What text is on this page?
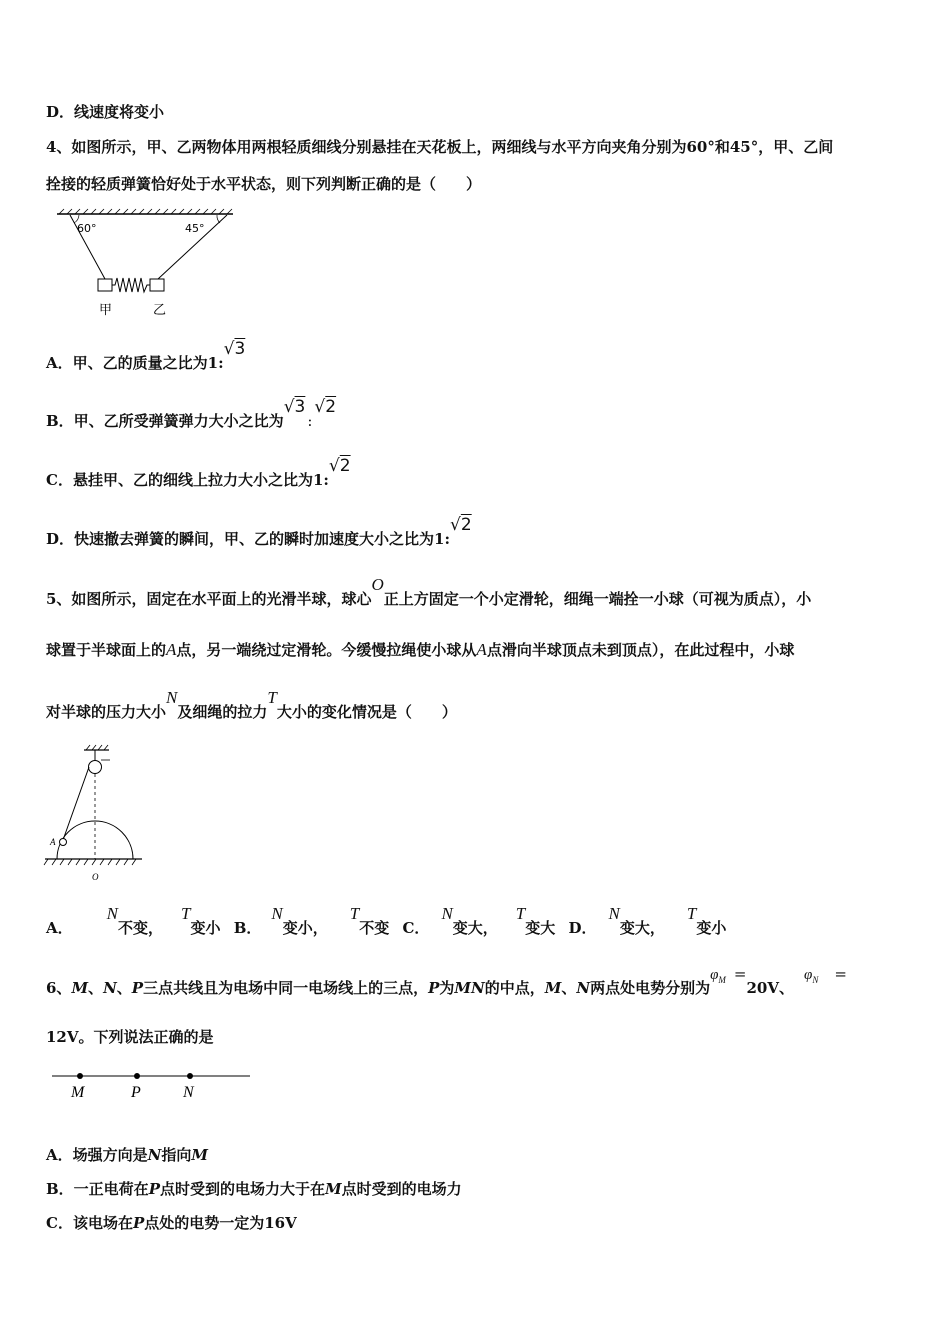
D．线速度将变小
4、如图所示，甲、乙两物体用两根轻质细线分别悬挂在天花板上，两细线与水平方向夹角分别为60°和45°，甲、乙间
拴接的轻质弹簧恰好处于水平状态，则下列判断正确的是（　　）
60°	45°
甲	乙
A．甲、乙的质量之比为1:√3
B．甲、乙所受弹簧弹力大小之比为√3:√2
C．悬挂甲、乙的细线上拉力大小之比为1:√2
D．快速撤去弹簧的瞬间，甲、乙的瞬时加速度大小之比为1:√2
5、如图所示，固定在水平面上的光滑半球，球心O正上方固定一个小定滑轮，细绳一端拴一小球（可视为质点），小
球置于半球面上的A点，另一端绕过定滑轮。今缓慢拉绳使小球从A点滑向半球顶点未到顶点），在此过程中，小球
对半球的压力大小N及细绳的拉力T大小的变化情况是（　　）
A
O
A．N不变，T变小 B．N变小，T不变 C．N变大，T变大 D．N变大，T变小
6、M、N、P三点共线且为电场中同一电场线上的三点，P为MN的中点，M、N两点处电势分别为$\varphi_M =20V$、$\varphi_N$ =
12V。下列说法正确的是
M	P	N
A．场强方向是N指向M
B．一正电荷在P点时受到的电场力大于在M点时受到的电场力
C．该电场在P点处的电势一定为16V
